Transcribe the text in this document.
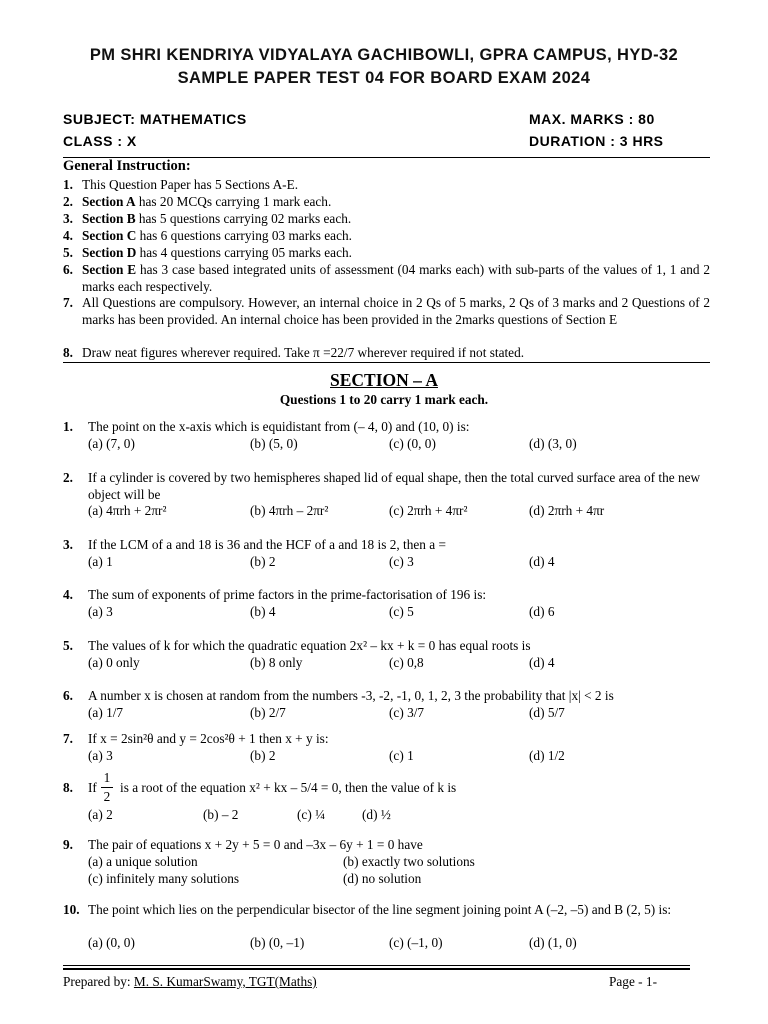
PM SHRI KENDRIYA VIDYALAYA GACHIBOWLI, GPRA CAMPUS, HYD-32
SAMPLE PAPER TEST 04 FOR BOARD EXAM 2024
SUBJECT: MATHEMATICS	MAX. MARKS : 80
CLASS : X	DURATION : 3 HRS
General Instruction:
1. This Question Paper has 5 Sections A-E.
2. Section A has 20 MCQs carrying 1 mark each.
3. Section B has 5 questions carrying 02 marks each.
4. Section C has 6 questions carrying 03 marks each.
5. Section D has 4 questions carrying 05 marks each.
6. Section E has 3 case based integrated units of assessment (04 marks each) with sub-parts of the values of 1, 1 and 2 marks each respectively.
7. All Questions are compulsory. However, an internal choice in 2 Qs of 5 marks, 2 Qs of 3 marks and 2 Questions of 2 marks has been provided. An internal choice has been provided in the 2marks questions of Section E
8. Draw neat figures wherever required. Take π =22/7 wherever required if not stated.
SECTION – A
Questions 1 to 20 carry 1 mark each.
1. The point on the x-axis which is equidistant from (– 4, 0) and (10, 0) is:
(a) (7, 0)	(b) (5, 0)	(c) (0, 0)	(d) (3, 0)
2. If a cylinder is covered by two hemispheres shaped lid of equal shape, then the total curved surface area of the new object will be
(a) 4πrh + 2πr²	(b) 4πrh – 2πr²	(c) 2πrh + 4πr²	(d) 2πrh + 4πr
3. If the LCM of a and 18 is 36 and the HCF of a and 18 is 2, then a =
(a) 1	(b) 2	(c) 3	(d) 4
4. The sum of exponents of prime factors in the prime-factorisation of 196 is:
(a) 3	(b) 4	(c) 5	(d) 6
5. The values of k for which the quadratic equation 2x² – kx + k = 0 has equal roots is
(a) 0 only	(b) 8 only	(c) 0,8	(d) 4
6. A number x is chosen at random from the numbers -3, -2, -1, 0, 1, 2, 3 the probability that |x| < 2 is
(a) 1/7	(b) 2/7	(c) 3/7	(d) 5/7
7. If x = 2sin²θ and y = 2cos²θ + 1 then x + y is:
(a) 3	(b) 2	(c) 1	(d) 1/2
8. If	is a root of the equation x² + kx – 5/4 = 0, then the value of k is
1
2
(a) 2	(b) – 2	(c) ¼	(d) ½
9. The pair of equations x + 2y + 5 = 0 and –3x – 6y + 1 = 0 have
(a) a unique solution	(b) exactly two solutions
(c) infinitely many solutions	(d) no solution
10. The point which lies on the perpendicular bisector of the line segment joining point A (–2, –5) and B (2, 5) is:
(a) (0, 0)	(b) (0, –1)	(c) (–1, 0)	(d) (1, 0)
Prepared by: M. S. KumarSwamy, TGT(Maths)	Page - 1-
